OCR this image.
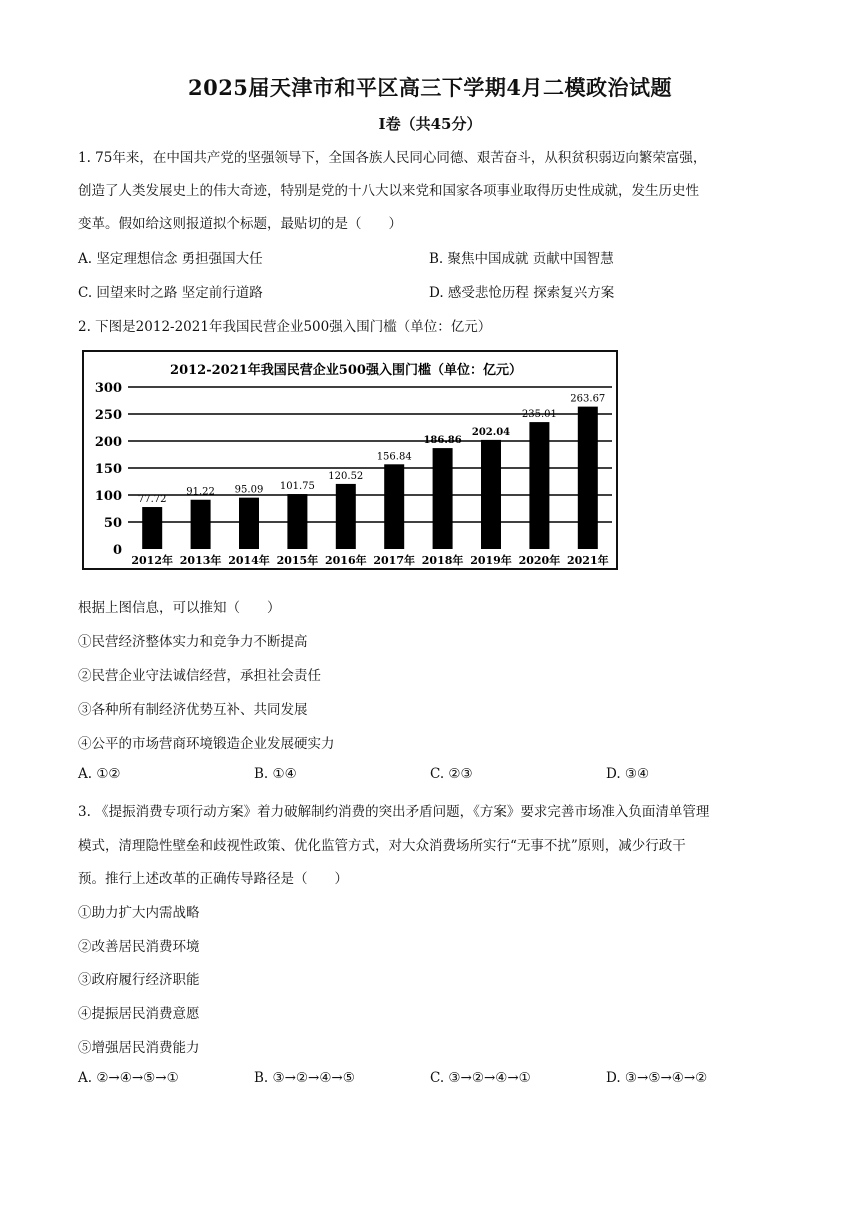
2025届天津市和平区高三下学期4月二模政治试题
Ⅰ卷（共45分）
1. 75年来，在中国共产党的坚强领导下，全国各族人民同心同德、艰苦奋斗，从积贫积弱迈向繁荣富强，
创造了人类发展史上的伟大奇迹，特别是党的十八大以来党和国家各项事业取得历史性成就，发生历史性
变革。假如给这则报道拟个标题，最贴切的是（　　）
A. 坚定理想信念 勇担强国大任	B. 聚焦中国成就 贡献中国智慧
C. 回望来时之路 坚定前行道路	D. 感受悲怆历程 探索复兴方案
2. 下图是2012-2021年我国民营企业500强入围门槛（单位：亿元）
2012-2021年我国民营企业500强入围门槛（单位：亿元）
300
250
200
150
100
50
0
77.72
91.22 95.09 101.75
120.52
156.84
186.86
202.04
235.01
263.67
2012年 2013年 2014年 2015年 2016年 2017年 2018年 2019年 2020年 2021年
根据上图信息，可以推知（　　）
①民营经济整体实力和竞争力不断提高
②民营企业守法诚信经营，承担社会责任
③各种所有制经济优势互补、共同发展
④公平的市场营商环境锻造企业发展硬实力
A. ①②	B. ①④	C. ②③	D. ③④
3. 《提振消费专项行动方案》着力破解制约消费的突出矛盾问题，《方案》要求完善市场准入负面清单管理
模式，清理隐性壁垒和歧视性政策、优化监管方式，对大众消费场所实行“无事不扰”原则，减少行政干
预。推行上述改革的正确传导路径是（　　）
①助力扩大内需战略
②改善居民消费环境
③政府履行经济职能
④提振居民消费意愿
⑤增强居民消费能力
A. ②→④→⑤→①	B. ③→②→④→⑤	C. ③→②→④→①	D. ③→⑤→④→②
